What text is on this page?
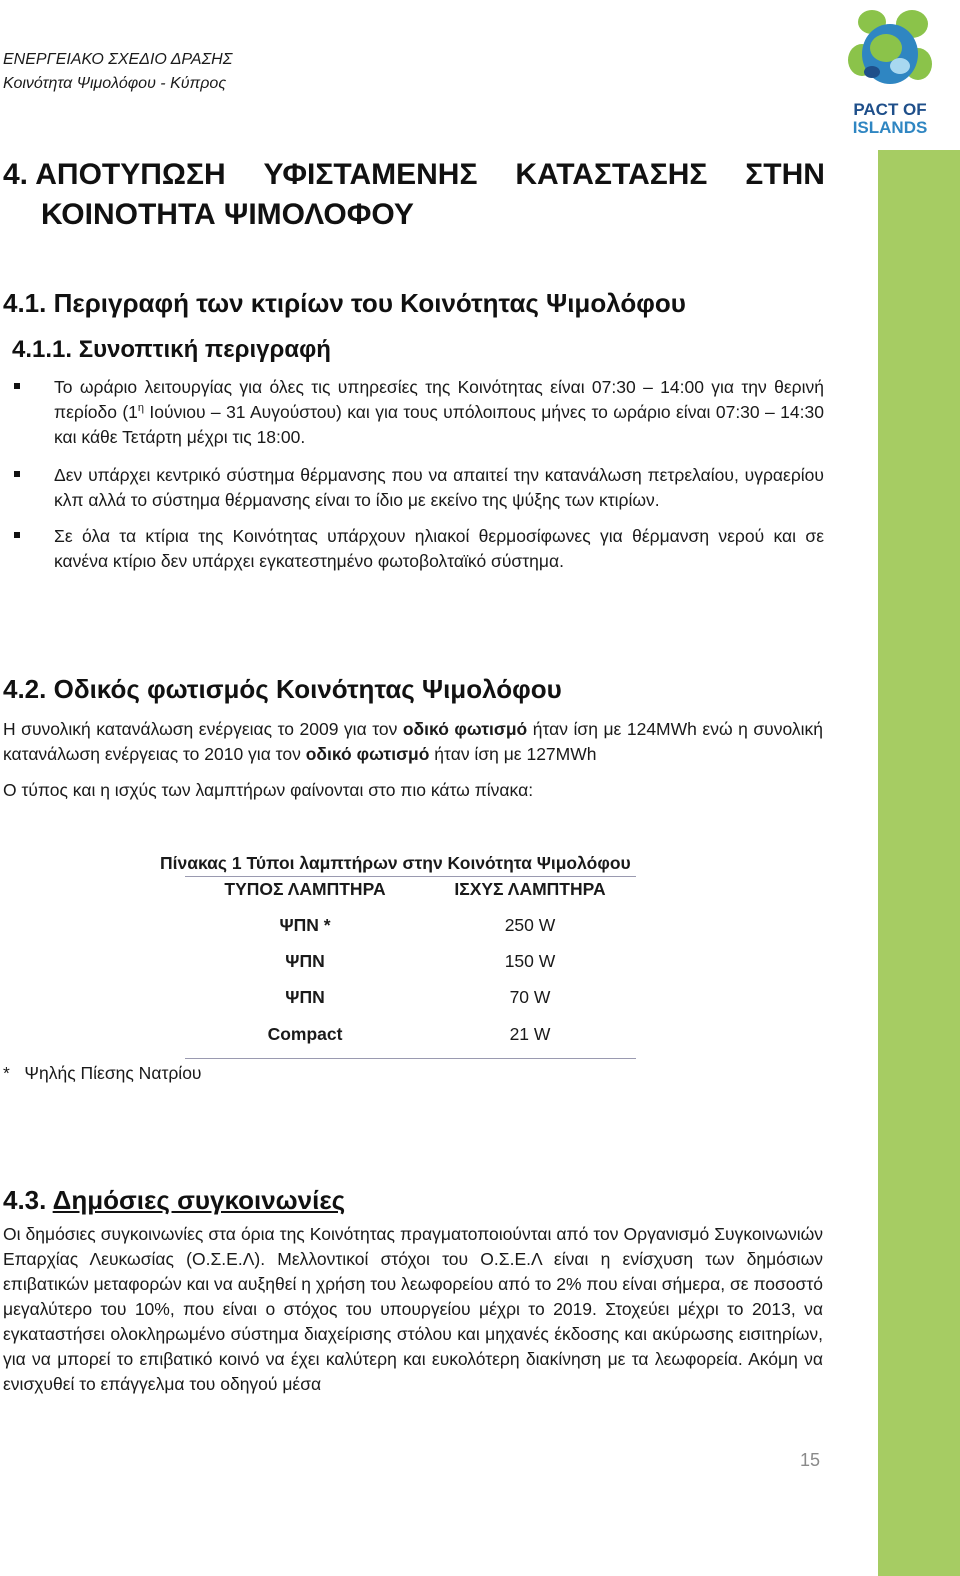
PACT OF
ISLANDS
ΕΝΕΡΓΕΙΑΚΟ ΣΧΕΔΙΟ ΔΡΑΣΗΣ
Κοινότητα Ψιμολόφου - Κύπρος
4. ΑΠΟΤΥΠΩΣΗ ΥΦΙΣΤΑΜΕΝΗΣ ΚΑΤΑΣΤΑΣΗΣ ΣΤΗΝ
ΚΟΙΝΟΤΗΤΑ ΨΙΜΟΛΟΦΟΥ
4.1. Περιγραφή των κτιρίων του Κοινότητας Ψιμολόφου
4.1.1. Συνοπτική περιγραφή
Το ωράριο λειτουργίας για όλες τις υπηρεσίες της Κοινότητας είναι 07:30 – 14:00 για την θερινή περίοδο ($1^\eta$ Ιούνιου – 31 Αυγούστου) και για τους υπόλοιπους μήνες το ωράριο είναι 07:30 – 14:30 και κάθε Τετάρτη μέχρι τις 18:00.
Δεν υπάρχει κεντρικό σύστημα θέρμανσης που να απαιτεί την κατανάλωση πετρελαίου, υγραερίου κλπ αλλά το σύστημα θέρμανσης είναι το ίδιο με εκείνο της ψύξης των κτιρίων.
Σε όλα τα κτίρια της Κοινότητας υπάρχουν ηλιακοί θερμοσίφωνες για θέρμανση νερού και σε κανένα κτίριο δεν υπάρχει εγκατεστημένο φωτοβολταϊκό σύστημα.
4.2. Οδικός φωτισμός Κοινότητας Ψιμολόφου
Η συνολική κατανάλωση ενέργειας το 2009 για τον οδικό φωτισμό ήταν ίση με 124MWh ενώ η συνολική κατανάλωση ενέργειας το 2010 για τον οδικό φωτισμό ήταν ίση με 127MWh
Ο τύπος και η ισχύς των λαμπτήρων φαίνονται στο πιο κάτω πίνακα:
Πίνακας 1 Τύποι λαμπτήρων στην Κοινότητα Ψιμολόφου
ΤΥΠΟΣ ΛΑΜΠΤΗΡΑ	ΙΣΧΥΣ ΛΑΜΠΤΗΡΑ
ΨΠΝ *	250 W
ΨΠΝ	150 W
ΨΠΝ	70 W
Compact	21 W
*   Ψηλής Πίεσης Νατρίου
4.3. Δημόσιες συγκοινωνίες
Οι δημόσιες συγκοινωνίες στα όρια της Κοινότητας πραγματοποιούνται από τον Οργανισμό Συγκοινωνιών Επαρχίας Λευκωσίας (Ο.Σ.Ε.Λ). Μελλοντικοί στόχοι του Ο.Σ.Ε.Λ είναι η ενίσχυση των δημόσιων επιβατικών μεταφορών και να αυξηθεί η χρήση του λεωφορείου από το 2% που είναι σήμερα, σε ποσοστό μεγαλύτερο του 10%, που είναι ο στόχος του υπουργείου μέχρι το 2019. Στοχεύει μέχρι το 2013, να εγκαταστήσει ολοκληρωμένο σύστημα διαχείρισης στόλου και μηχανές έκδοσης και ακύρωσης εισιτηρίων, για να μπορεί το επιβατικό κοινό να έχει καλύτερη και ευκολότερη διακίνηση με τα λεωφορεία. Ακόμη να ενισχυθεί το επάγγελμα του οδηγού μέσα
15
